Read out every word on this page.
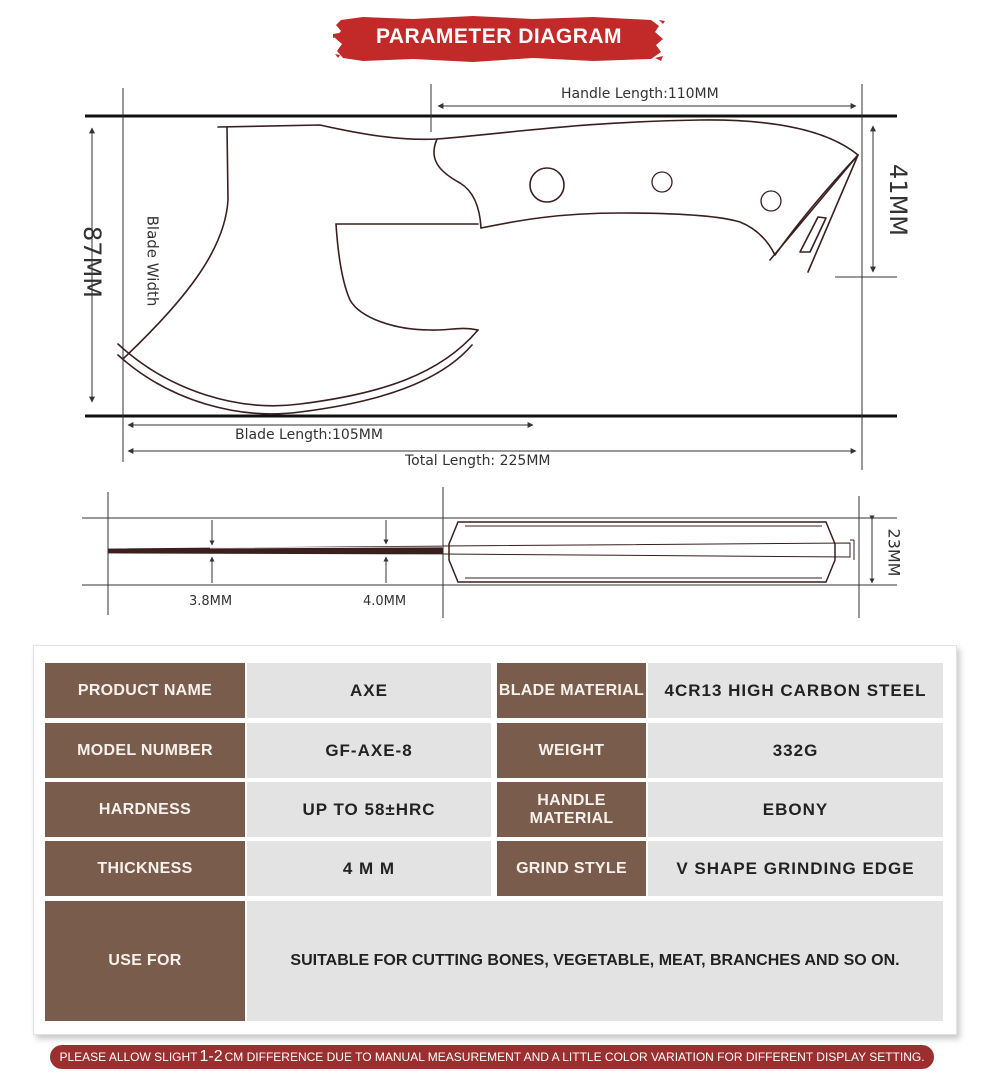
PARAMETER DIAGRAM
Handle Length:110MM
87MM Blade Width
41MM
Blade Length:105MM
Total Length: 225MM
3.8MM	4.0MM
23MM
PRODUCT NAME	AXE	BLADE MATERIAL	4CR13 HIGH CARBON STEEL
MODEL NUMBER	GF-AXE-8	WEIGHT	332G
HARDNESS	UP TO 58±HRC	HANDLE MATERIAL	EBONY
THICKNESS	4 M M	GRIND STYLE	V SHAPE GRINDING EDGE
USE FOR	SUITABLE FOR CUTTING BONES, VEGETABLE, MEAT, BRANCHES AND SO ON.
PLEASE ALLOW SLIGHT 1-2 CM DIFFERENCE DUE TO MANUAL MEASUREMENT AND A LITTLE COLOR VARIATION FOR DIFFERENT DISPLAY SETTING.
